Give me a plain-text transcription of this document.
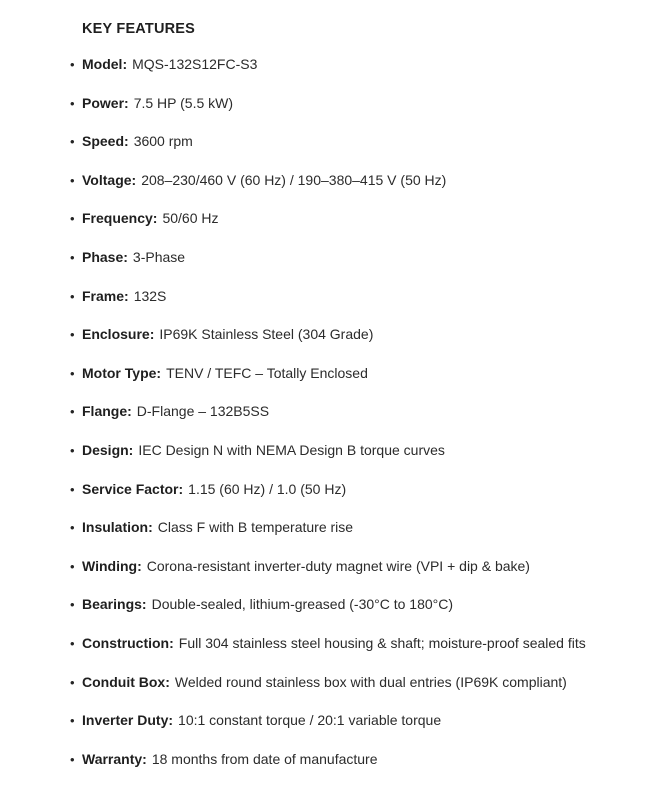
KEY FEATURES
• Model: MQS-132S12FC-S3
• Power: 7.5 HP (5.5 kW)
• Speed: 3600 rpm
• Voltage: 208–230/460 V (60 Hz) / 190–380–415 V (50 Hz)
• Frequency: 50/60 Hz
• Phase: 3-Phase
• Frame: 132S
• Enclosure: IP69K Stainless Steel (304 Grade)
• Motor Type: TENV / TEFC – Totally Enclosed
• Flange: D-Flange – 132B5SS
• Design: IEC Design N with NEMA Design B torque curves
• Service Factor: 1.15 (60 Hz) / 1.0 (50 Hz)
• Insulation: Class F with B temperature rise
• Winding: Corona-resistant inverter-duty magnet wire (VPI + dip & bake)
• Bearings: Double-sealed, lithium-greased (-30°C to 180°C)
• Construction: Full 304 stainless steel housing & shaft; moisture-proof sealed fits
• Conduit Box: Welded round stainless box with dual entries (IP69K compliant)
• Inverter Duty: 10:1 constant torque / 20:1 variable torque
• Warranty: 18 months from date of manufacture
